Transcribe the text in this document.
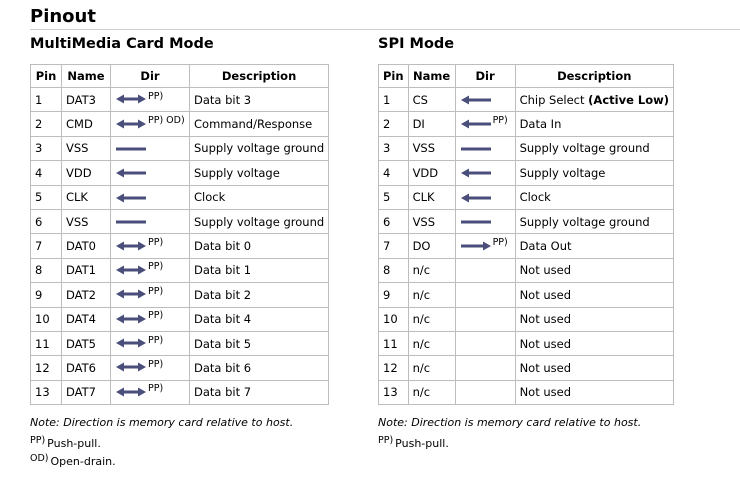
Pinout
MultiMedia Card Mode
Pin	Name	Dir	Description
1	DAT3	$^{PP)}$	Data bit 3
2	CMD	$^{PP) OD)}$	Command/Response
3	VSS		Supply voltage ground
4	VDD		Supply voltage
5	CLK		Clock
6	VSS		Supply voltage ground
7	DAT0	$^{PP)}$	Data bit 0
8	DAT1	$^{PP)}$	Data bit 1
9	DAT2	$^{PP)}$	Data bit 2
10	DAT4	$^{PP)}$	Data bit 4
11	DAT5	$^{PP)}$	Data bit 5
12	DAT6	$^{PP)}$	Data bit 6
13	DAT7	$^{PP)}$	Data bit 7

Note: Direction is memory card relative to host.

PP) Push-pull.

OD) Open-drain.

SPI Mode
Pin	Name	Dir	Description
1	CS		Chip Select (Active Low)
2	DI	$^{PP)}$	Data In
3	VSS		Supply voltage ground
4	VDD		Supply voltage
5	CLK		Clock
6	VSS		Supply voltage ground
7	DO	$^{PP)}$	Data Out
8	n/c		Not used
9	n/c		Not used
10	n/c		Not used
11	n/c		Not used
12	n/c		Not used
13	n/c		Not used

Note: Direction is memory card relative to host.

PP) Push-pull.
